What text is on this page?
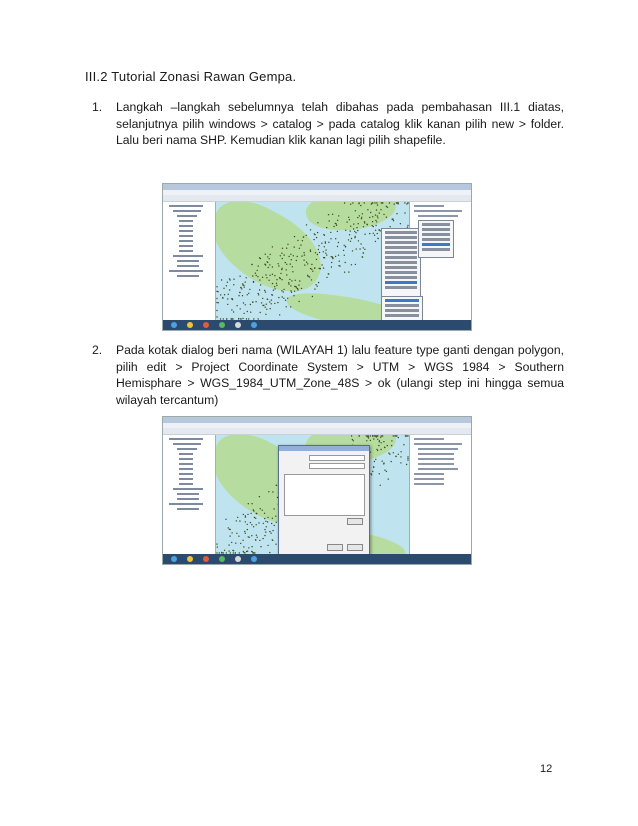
III.2 Tutorial Zonasi Rawan Gempa.
1.	Langkah –langkah sebelumnya telah dibahas pada pembahasan III.1 diatas, selanjutnya pilih windows > catalog > pada catalog klik kanan pilih new > folder. Lalu beri nama SHP. Kemudian klik kanan lagi pilih shapefile.
2.	Pada kotak dialog beri nama (WILAYAH 1) lalu feature type ganti dengan polygon, pilih edit > Project Coordinate System > UTM > WGS 1984 > Southern Hemisphare > WGS_1984_UTM_Zone_48S > ok (ulangi step ini hingga semua wilayah tercantum)
12
